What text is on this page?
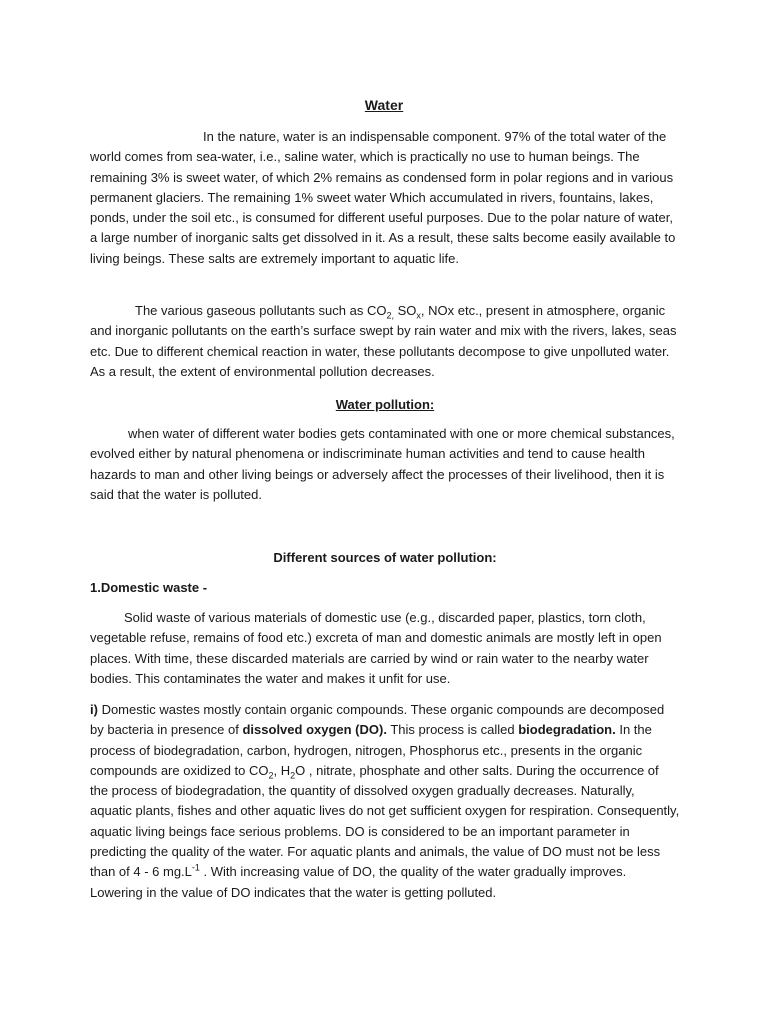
Water

In the nature, water is an indispensable component. 97% of the total water of the world comes from sea-water, i.e., saline water, which is practically no use to human beings. The remaining 3% is sweet water, of which 2% remains as condensed form in polar regions and in various permanent glaciers. The remaining 1% sweet water Which accumulated in rivers, fountains, lakes, ponds, under the soil etc., is consumed for different useful purposes. Due to the polar nature of water, a large number of inorganic salts get dissolved in it. As a result, these salts become easily available to living beings. These salts are extremely important to aquatic life.

The various gaseous pollutants such as $CO_{2,}$ $SO_x$, NOx etc., present in atmosphere, organic and inorganic pollutants on the earth’s surface swept by rain water and mix with the rivers, lakes, seas etc. Due to different chemical reaction in water, these pollutants decompose to give unpolluted water. As a result, the extent of environmental pollution decreases.

Water pollution:

when water of different water bodies gets contaminated with one or more chemical substances, evolved either by natural phenomena or indiscriminate human activities and tend to cause health hazards to man and other living beings or adversely affect the processes of their livelihood, then it is said that the water is polluted.

Different sources of water pollution:
1.Domestic waste -

Solid waste of various materials of domestic use (e.g., discarded paper, plastics, torn cloth, vegetable refuse, remains of food etc.) excreta of man and domestic animals are mostly left in open places. With time, these discarded materials are carried by wind or rain water to the nearby water bodies. This contaminates the water and makes it unfit for use.

i) Domestic wastes mostly contain organic compounds. These organic compounds are decomposed by bacteria in presence of dissolved oxygen (DO). This process is called biodegradation. In the process of biodegradation, carbon, hydrogen, nitrogen, Phosphorus etc., presents in the organic compounds are oxidized to $CO_2$, $H_2O$ , nitrate, phosphate and other salts. During the occurrence of the process of biodegradation, the quantity of dissolved oxygen gradually decreases. Naturally, aquatic plants, fishes and other aquatic lives do not get sufficient oxygen for respiration. Consequently, aquatic living beings face serious problems. DO is considered to be an important parameter in predicting the quality of the water. For aquatic plants and animals, the value of DO must not be less than of 4 - 6 $mg.L^{-1}$ . With increasing value of DO, the quality of the water gradually improves. Lowering in the value of DO indicates that the water is getting polluted.
